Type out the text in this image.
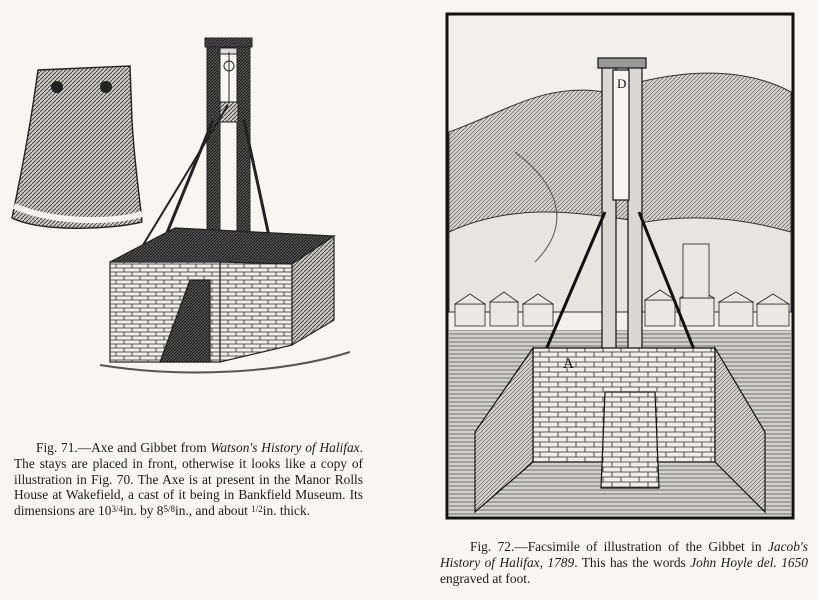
Fig. 71.—Axe and Gibbet from Watson's History of Halifax. The stays are placed in front, otherwise it looks like a copy of illustration in Fig. 70. The Axe is at present in the Manor Rolls House at Wakefield, a cast of it being in Bankfield Museum. Its dimensions are $10^{3/4}in$. by $8^{5/8}in$., and about $^{1/2}$in. thick.
D
A
Fig. 72.—Facsimile of illustration of the Gibbet in Jacob's History of Halifax, 1789. This has the words John Hoyle del. 1650 engraved at foot.
